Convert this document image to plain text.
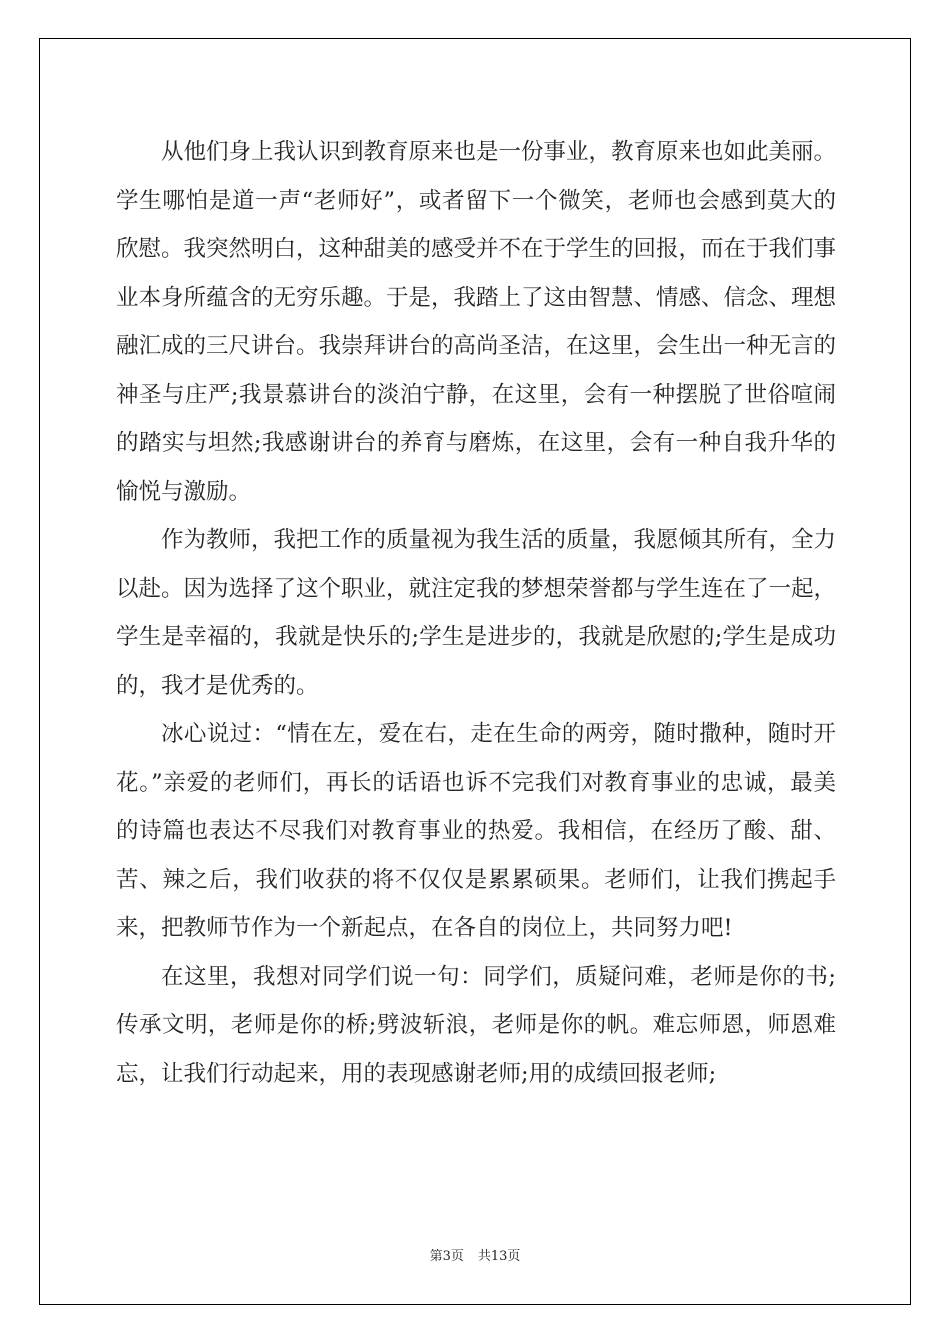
从他们身上我认识到教育原来也是一份事业，教育原来也如此美丽。学生哪怕是道一声“老师好”，或者留下一个微笑，老师也会感到莫大的欣慰。我突然明白，这种甜美的感受并不在于学生的回报，而在于我们事业本身所蕴含的无穷乐趣。于是，我踏上了这由智慧、情感、信念、理想融汇成的三尺讲台。我崇拜讲台的高尚圣洁，在这里，会生出一种无言的神圣与庄严;我景慕讲台的淡泊宁静，在这里，会有一种摆脱了世俗喧闹的踏实与坦然;我感谢讲台的养育与磨炼，在这里，会有一种自我升华的愉悦与激励。

作为教师，我把工作的质量视为我生活的质量，我愿倾其所有，全力以赴。因为选择了这个职业，就注定我的梦想荣誉都与学生连在了一起，学生是幸福的，我就是快乐的;学生是进步的，我就是欣慰的;学生是成功的，我才是优秀的。

冰心说过：“情在左，爱在右，走在生命的两旁，随时撒种，随时开花。”亲爱的老师们，再长的话语也诉不完我们对教育事业的忠诚，最美的诗篇也表达不尽我们对教育事业的热爱。我相信，在经历了酸、甜、苦、辣之后，我们收获的将不仅仅是累累硕果。老师们，让我们携起手来，把教师节作为一个新起点，在各自的岗位上，共同努力吧!

在这里，我想对同学们说一句：同学们，质疑问难，老师是你的书;传承文明，老师是你的桥;劈波斩浪，老师是你的帆。难忘师恩，师恩难忘，让我们行动起来，用的表现感谢老师;用的成绩回报老师;

第3页 共13页
